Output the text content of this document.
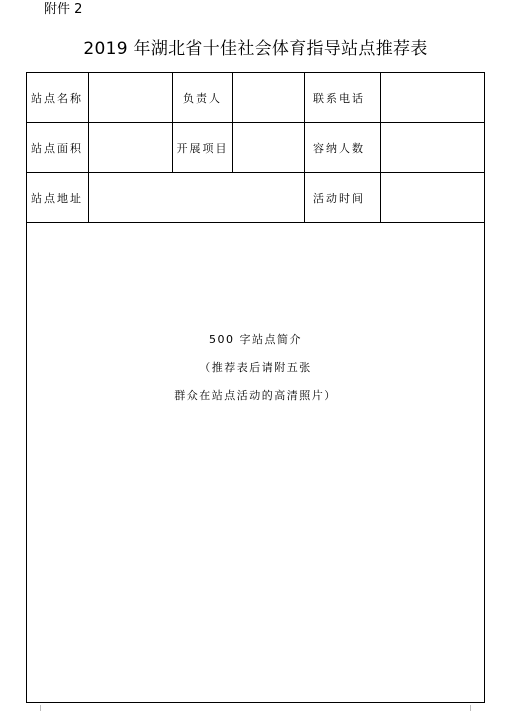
附件 2
2019 年湖北省十佳社会体育指导站点推荐表
站点名称		负责人		联系电话	
站点面积		开展项目		容纳人数	
站点地址				活动时间	

500 字站点简介
（推荐表后请附五张
群众在站点活动的高清照片）					
